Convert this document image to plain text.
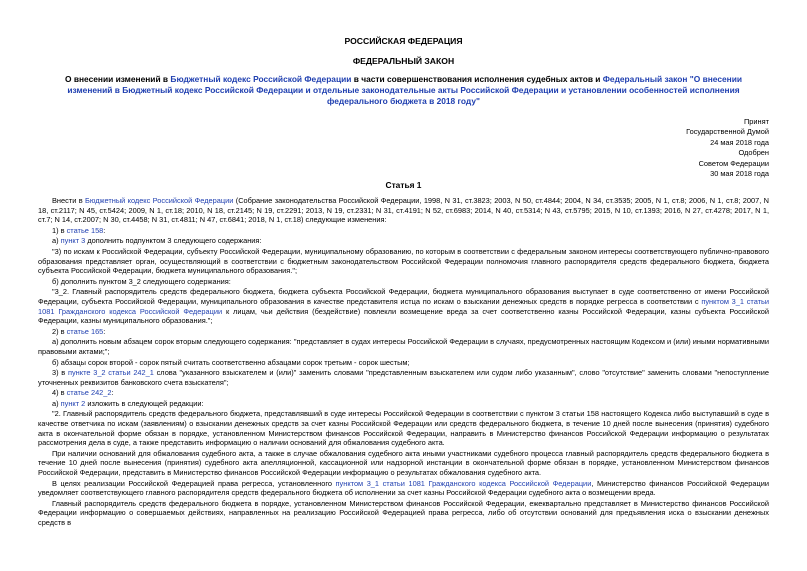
РОССИЙСКАЯ ФЕДЕРАЦИЯ
ФЕДЕРАЛЬНЫЙ ЗАКОН
О внесении изменений в Бюджетный кодекс Российской Федерации в части совершенствования исполнения судебных актов и Федеральный закон "О внесении изменений в Бюджетный кодекс Российской Федерации и отдельные законодательные акты Российской Федерации и установлении особенностей исполнения федерального бюджета в 2018 году"
Принят
Государственной Думой
24 мая 2018 года
Одобрен
Советом Федерации
30 мая 2018 года
Статья 1

Внести в Бюджетный кодекс Российской Федерации (Собрание законодательства Российской Федерации, 1998, N 31, ст.3823; 2003, N 50, ст.4844; 2004, N 34, ст.3535; 2005, N 1, ст.8; 2006, N 1, ст.8; 2007, N 18, ст.2117; N 45, ст.5424; 2009, N 1, ст.18; 2010, N 18, ст.2145; N 19, ст.2291; 2013, N 19, ст.2331; N 31, ст.4191; N 52, ст.6983; 2014, N 40, ст.5314; N 43, ст.5795; 2015, N 10, ст.1393; 2016, N 27, ст.4278; 2017, N 1, ст.7; N 14, ст.2007; N 30, ст.4458; N 31, ст.4811; N 47, ст.6841; 2018, N 1, ст.18) следующие изменения:

1) в статье 158:

а) пункт 3 дополнить подпунктом 3 следующего содержания:

"3) по искам к Российской Федерации, субъекту Российской Федерации, муниципальному образованию, по которым в соответствии с федеральным законом интересы соответствующего публично-правового образования представляет орган, осуществляющий в соответствии с бюджетным законодательством Российской Федерации полномочия главного распорядителя средств федерального бюджета, бюджета субъекта Российской Федерации, бюджета муниципального образования.";

б) дополнить пунктом 3_2 следующего содержания:

"3_2. Главный распорядитель средств федерального бюджета, бюджета субъекта Российской Федерации, бюджета муниципального образования выступает в суде соответственно от имени Российской Федерации, субъекта Российской Федерации, муниципального образования в качестве представителя истца по искам о взыскании денежных средств в порядке регресса в соответствии с пунктом 3_1 статьи 1081 Гражданского кодекса Российской Федерации к лицам, чьи действия (бездействие) повлекли возмещение вреда за счет соответственно казны Российской Федерации, казны субъекта Российской Федерации, казны муниципального образования.";

2) в статье 165:

а) дополнить новым абзацем сорок вторым следующего содержания: "представляет в судах интересы Российской Федерации в случаях, предусмотренных настоящим Кодексом и (или) иными нормативными правовыми актами;";

б) абзацы сорок второй - сорок пятый считать соответственно абзацами сорок третьим - сорок шестым;

3) в пункте 3_2 статьи 242_1 слова "указанного взыскателем и (или)" заменить словами "представленным взыскателем или судом либо указанным", слово "отсутствие" заменить словами "непоступление уточненных реквизитов банковского счета взыскателя";

4) в статье 242_2:

а) пункт 2 изложить в следующей редакции:

"2. Главный распорядитель средств федерального бюджета, представлявший в суде интересы Российской Федерации в соответствии с пунктом 3 статьи 158 настоящего Кодекса либо выступавший в суде в качестве ответчика по искам (заявлениям) о взыскании денежных средств за счет казны Российской Федерации или средств федерального бюджета, в течение 10 дней после вынесения (принятия) судебного акта в окончательной форме обязан в порядке, установленном Министерством финансов Российской Федерации, направить в Министерство финансов Российской Федерации информацию о результатах рассмотрения дела в суде, а также представить информацию о наличии оснований для обжалования судебного акта.

При наличии оснований для обжалования судебного акта, а также в случае обжалования судебного акта иными участниками судебного процесса главный распорядитель средств федерального бюджета в течение 10 дней после вынесения (принятия) судебного акта апелляционной, кассационной или надзорной инстанции в окончательной форме обязан в порядке, установленном Министерством финансов Российской Федерации, представить в Министерство финансов Российской Федерации информацию о результатах обжалования судебного акта.

В целях реализации Российской Федерацией права регресса, установленного пунктом 3_1 статьи 1081 Гражданского кодекса Российской Федерации, Министерство финансов Российской Федерации уведомляет соответствующего главного распорядителя средств федерального бюджета об исполнении за счет казны Российской Федерации судебного акта о возмещении вреда.

Главный распорядитель средств федерального бюджета в порядке, установленном Министерством финансов Российской Федерации, ежеквартально представляет в Министерство финансов Российской Федерации информацию о совершаемых действиях, направленных на реализацию Российской Федерацией права регресса, либо об отсутствии оснований для предъявления иска о взыскании денежных средств в
